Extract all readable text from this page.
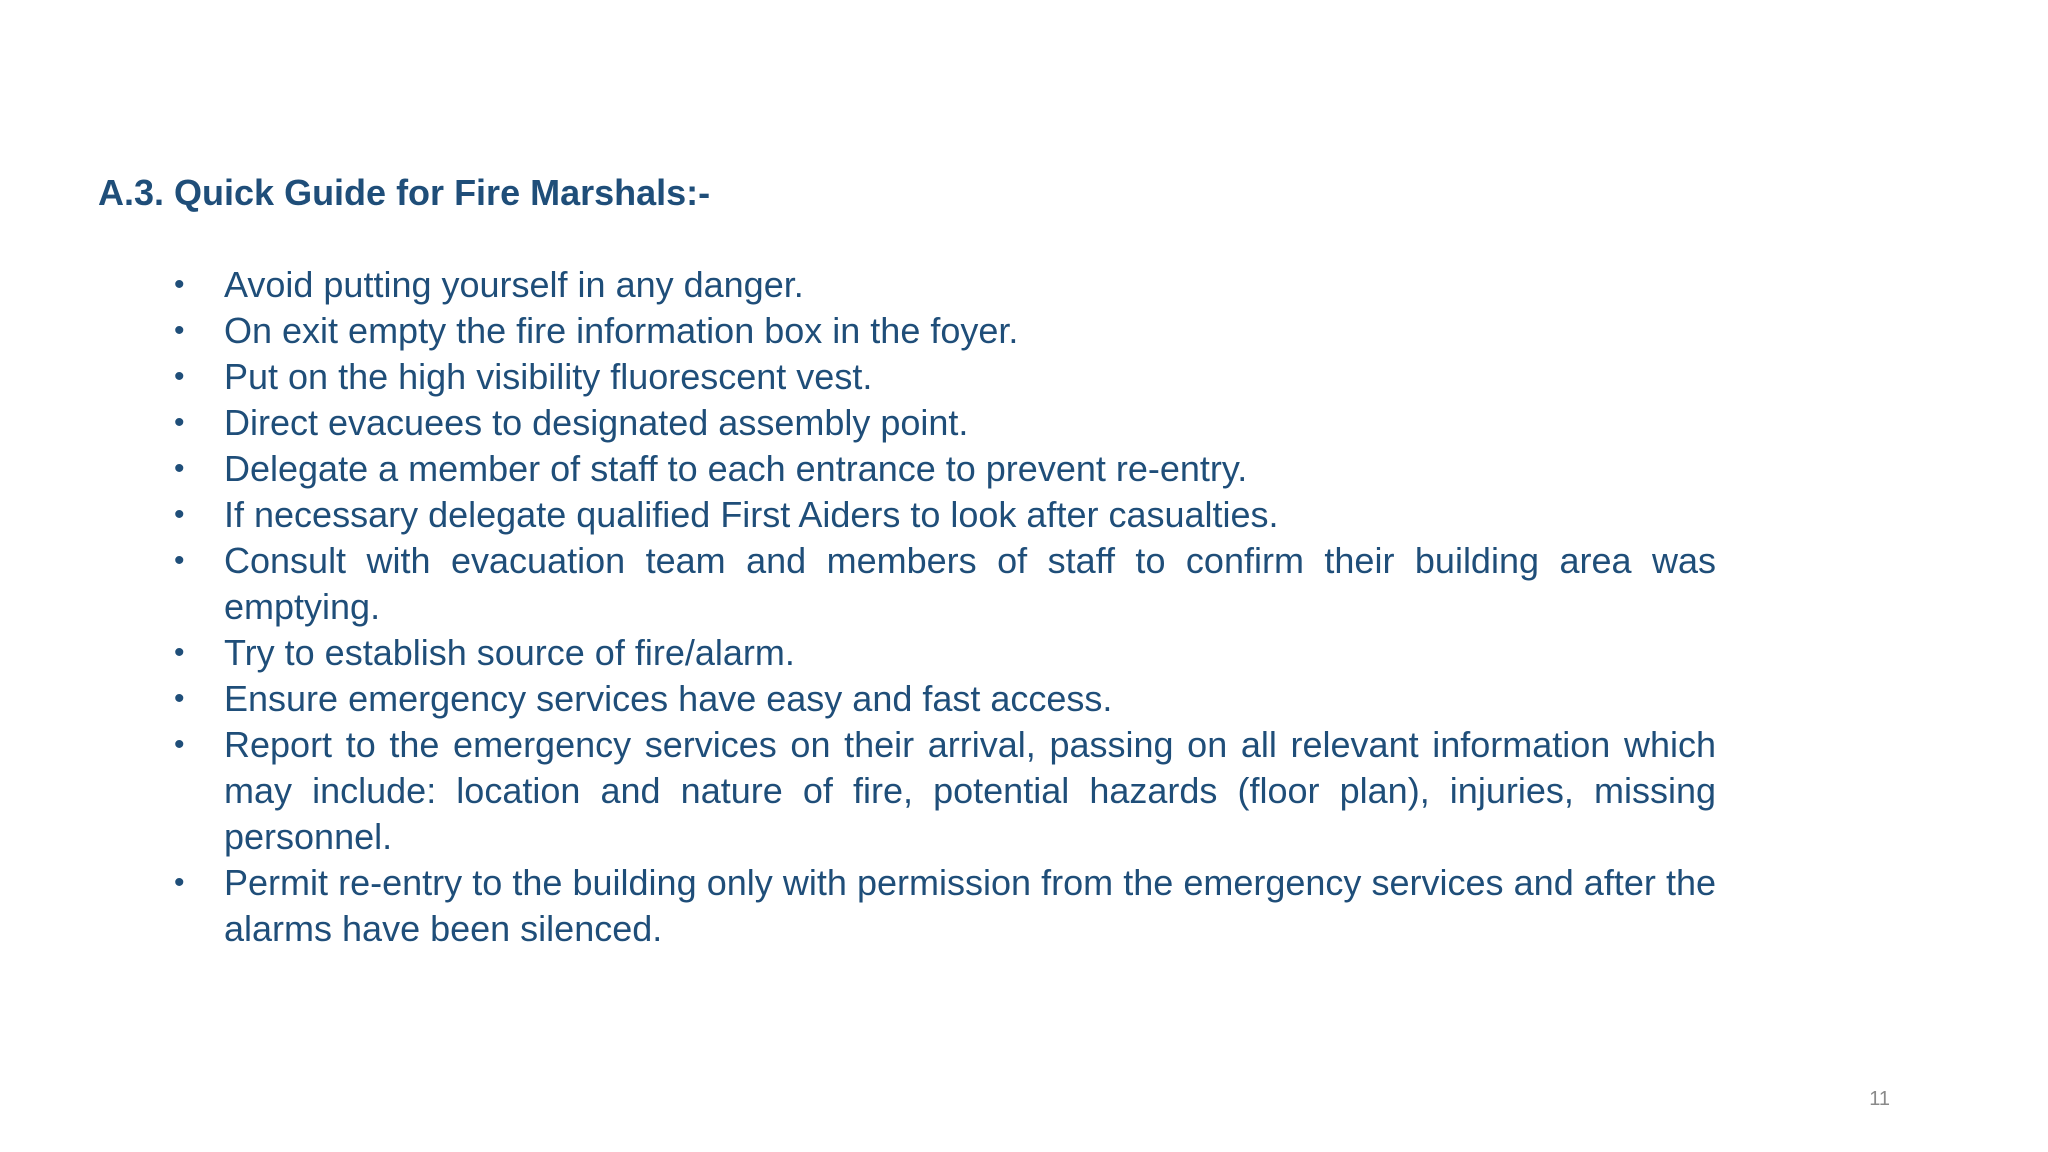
A.3. Quick Guide for Fire Marshals:-
• Avoid putting yourself in any danger.
• On exit empty the fire information box in the foyer.
• Put on the high visibility fluorescent vest.
• Direct evacuees to designated assembly point.
• Delegate a member of staff to each entrance to prevent re-entry.
• If necessary delegate qualified First Aiders to look after casualties.
• Consult with evacuation team and members of staff to confirm their building area was emptying.
• Try to establish source of fire/alarm.
• Ensure emergency services have easy and fast access.
• Report to the emergency services on their arrival, passing on all relevant information which may include: location and nature of fire, potential hazards (floor plan), injuries, missing personnel.
• Permit re-entry to the building only with permission from the emergency services and after the alarms have been silenced.
11
